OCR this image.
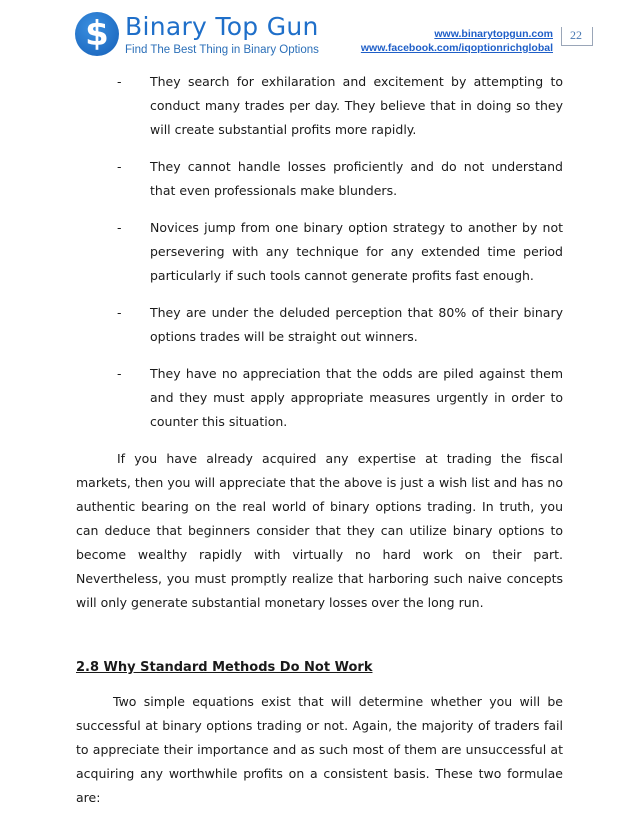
$ Binary Top Gun
Find The Best Thing in Binary Options
www.binarytopgun.com
www.facebook.com/iqoptionrichglobal
22
- They search for exhilaration and excitement by attempting to conduct many trades per day. They believe that in doing so they will create substantial profits more rapidly.
- They cannot handle losses proficiently and do not understand that even professionals make blunders.
- Novices jump from one binary option strategy to another by not persevering with any technique for any extended time period particularly if such tools cannot generate profits fast enough.
- They are under the deluded perception that 80% of their binary options trades will be straight out winners.
- They have no appreciation that the odds are piled against them and they must apply appropriate measures urgently in order to counter this situation.

If you have already acquired any expertise at trading the fiscal markets, then you will appreciate that the above is just a wish list and has no authentic bearing on the real world of binary options trading. In truth, you can deduce that beginners consider that they can utilize binary options to become wealthy rapidly with virtually no hard work on their part. Nevertheless, you must promptly realize that harboring such naive concepts will only generate substantial monetary losses over the long run.

2.8 Why Standard Methods Do Not Work

Two simple equations exist that will determine whether you will be successful at binary options trading or not. Again, the majority of traders fail to appreciate their importance and as such most of them are unsuccessful at acquiring any worthwhile profits on a consistent basis. These two formulae are:
